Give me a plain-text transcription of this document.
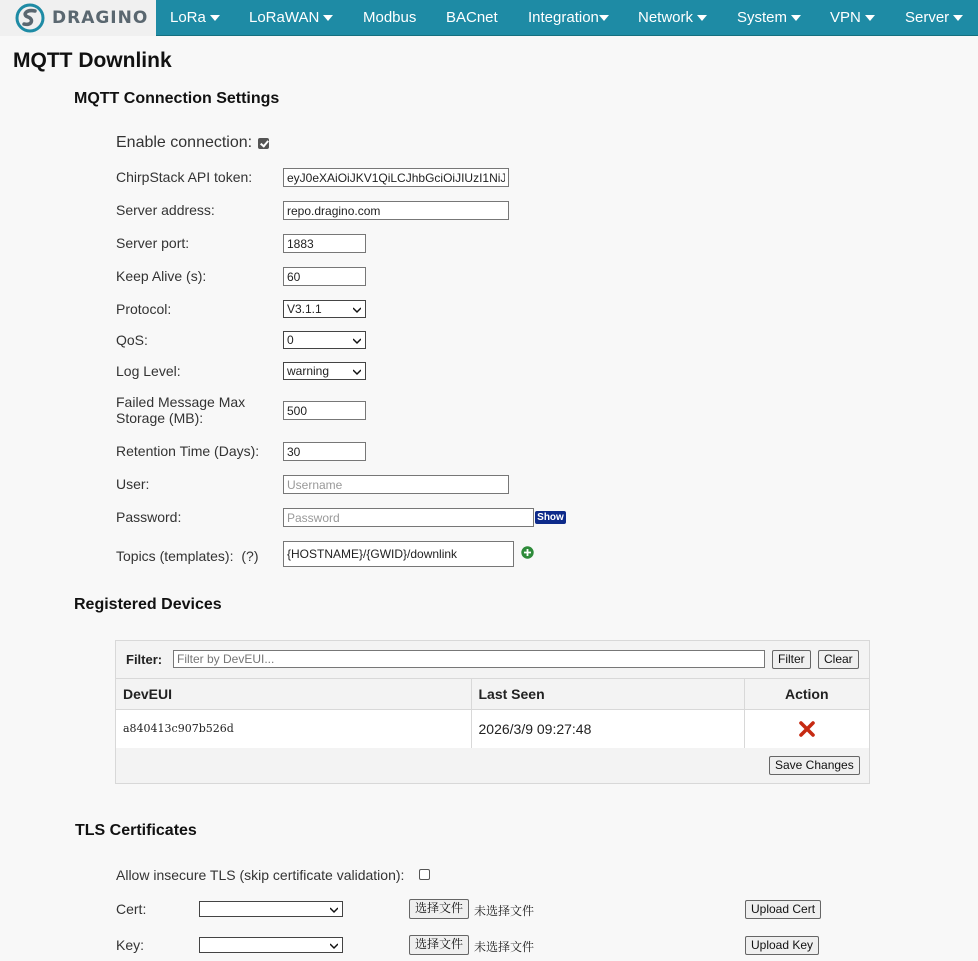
DRAGINO LoRa	LoRaWAN	Modbus BACnet Integration	Network	System	VPN	Server
MQTT Downlink
MQTT Connection Settings
Enable connection:
ChirpStack API token:
eyJ0eXAiOiJKV1QiLCJhbGciOiJIUzI1NiJ
Server address:
repo.dragino.com
Server port:
1883
Keep Alive (s):
60
Protocol:	V3.1.1
QoS:	0
Log Level:	warning
Failed Message Max
Storage (MB):
500
Retention Time (Days):
30
User:
Username
Password:	Show
Topics (templates): (?)
{HOSTNAME}/{GWID}/downlink
Registered Devices
Filter:
Filter by DevEUI...	Filter	Clear
DevEUI	Last Seen	Action
a840413c907b526d	2026/3/9 09:27:48	
Save Changes
TLS Certificates
Allow insecure TLS (skip certificate validation):
Cert:	选择文件 未选择文件	Upload Cert
Key:	选择文件 未选择文件	Upload Key
